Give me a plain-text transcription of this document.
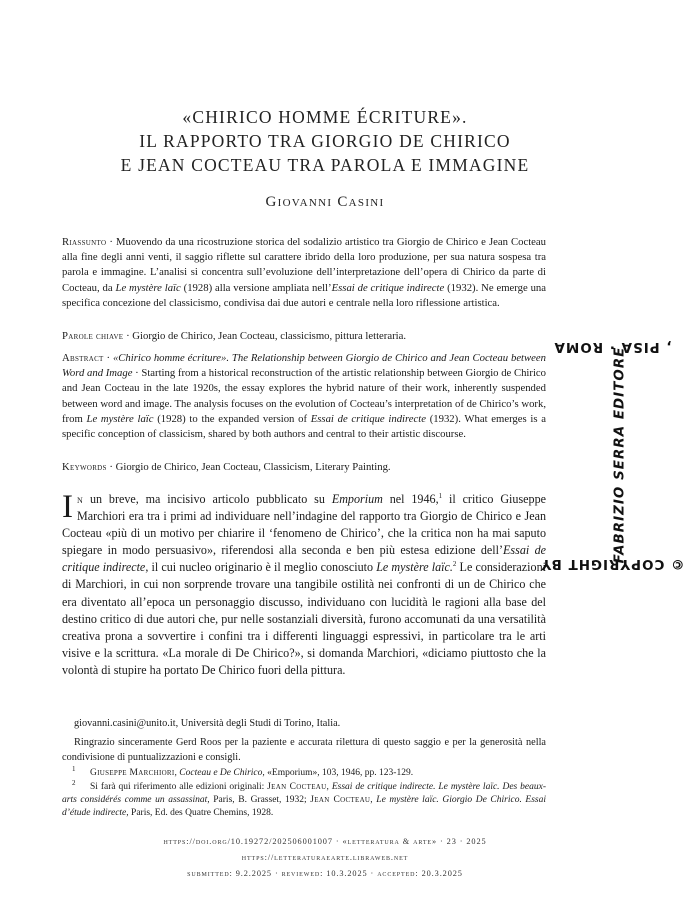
«CHIRICO HOMME ÉCRITURE».
IL RAPPORTO TRA GIORGIO DE CHIRICO
E JEAN COCTEAU TRA PAROLA E IMMAGINE
Giovanni Casini
Riassunto · Muovendo da una ricostruzione storica del sodalizio artistico tra Giorgio de Chirico e Jean Cocteau alla fine degli anni venti, il saggio riflette sul carattere ibrido della loro produzione, per sua natura sospesa tra parola e immagine. L’analisi si concentra sull’evoluzione dell’interpretazione dell’opera di Chirico da parte di Cocteau, da Le mystère laïc (1928) alla versione ampliata nell’Essai de critique indirecte (1932). Ne emerge una specifica concezione del classicismo, condivisa dai due autori e centrale nella loro riflessione artistica.
Parole chiave · Giorgio de Chirico, Jean Cocteau, classicismo, pittura letteraria.
Abstract · «Chirico homme écriture». The Relationship between Giorgio de Chirico and Jean Cocteau between Word and Image · Starting from a historical reconstruction of the artistic relationship between Giorgio de Chirico and Jean Cocteau in the late 1920s, the essay explores the hybrid nature of their work, inherently suspended between word and image. The analysis focuses on the evolution of Cocteau’s interpretation of de Chirico’s work, from Le mystère laïc (1928) to the expanded version of Essai de critique indirecte (1932). What emerges is a specific conception of classicism, shared by both authors and central to their artistic discourse.
Keywords · Giorgio de Chirico, Jean Cocteau, Classicism, Literary Painting.
In un breve, ma incisivo articolo pubblicato su Emporium nel 1946,$^1$ il critico Giuseppe Marchiori era tra i primi ad individuare nell’indagine del rapporto tra Giorgio de Chirico e Jean Cocteau «più di un motivo per chiarire il ‘fenomeno de Chirico’, che la critica non ha mai saputo spiegare in modo persuasivo», riferendosi alla seconda e ben più estesa edizione dell’Essai de critique indirecte, il cui nucleo originario è il meglio conosciuto Le mystère laïc.$^2$ Le considerazioni di Marchiori, in cui non sorprende trovare una tangibile ostilità nei confronti di un de Chirico che era diventato all’epoca un personaggio discusso, individuano con lucidità le ragioni alla base del destino critico di due autori che, pur nelle sostanziali diversità, furono accomunati da una versatilità creativa prona a sovvertire i confini tra i differenti linguaggi espressivi, in particolare tra le arti visive e la scrittura. «La morale di De Chirico?», si domanda Marchiori, «diciamo piuttosto che la volontà di stupire ha portato De Chirico fuori della pittura.
giovanni.casini@unito.it, Università degli Studi di Torino, Italia.
Ringrazio sinceramente Gerd Roos per la paziente e accurata rilettura di questo saggio e per la generosità nella condivisione di puntualizzazioni e consigli.
$^1$ Giuseppe Marchiori, Cocteau e De Chirico, «Emporium», 103, 1946, pp. 123-129.
$^2$ Si farà qui riferimento alle edizioni originali: Jean Cocteau, Essai de critique indirecte. Le mystère laïc. Des beaux-arts considérés comme un assassinat, Paris, B. Grasset, 1932; Jean Cocteau, Le mystère laïc. Giorgio De Chirico. Essai d’étude indirecte, Paris, Ed. des Quatre Chemins, 1928.
https://doi.org/10.19272/202506001007 · «letteratura & arte» · 23 · 2025
https://letteraturaearte.libraweb.net
submitted: 9.2.2025 · reviewed: 10.3.2025 · accepted: 20.3.2025
© COPYRIGHT BY
FABRIZIO SERRA EDITORE
, PISA · ROMA
